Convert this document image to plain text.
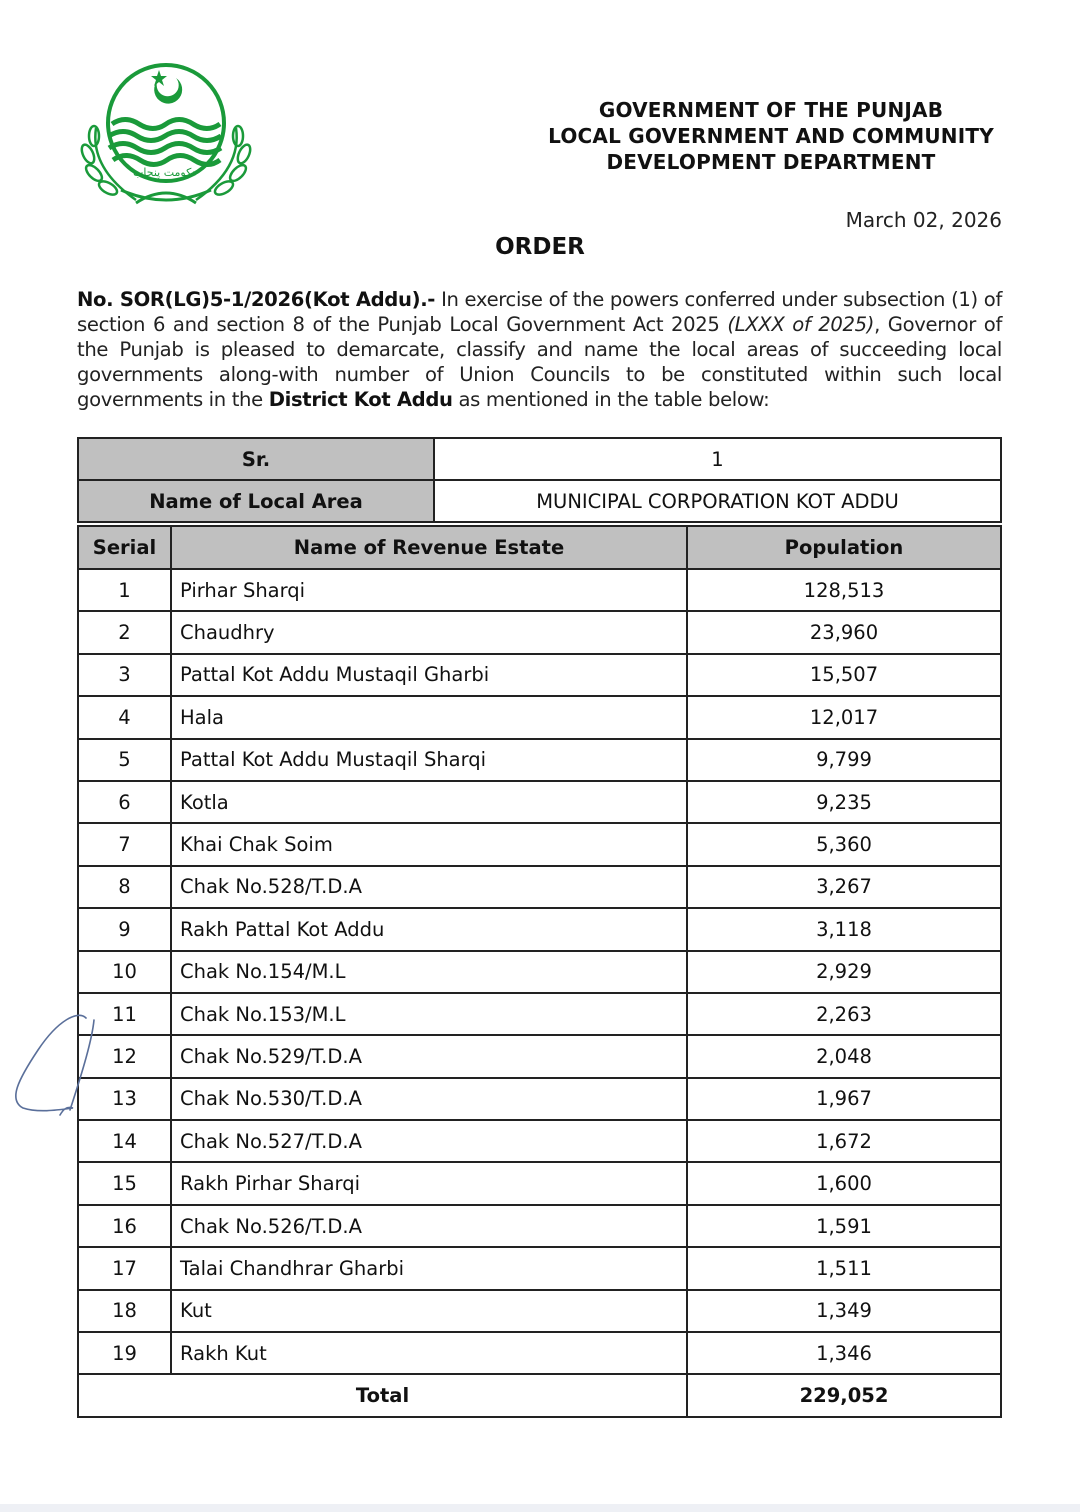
حکومت پنجاب
GOVERNMENT OF THE PUNJAB
LOCAL GOVERNMENT AND COMMUNITY
DEVELOPMENT DEPARTMENT
March 02, 2026
ORDER
No. SOR(LG)5-1/2026(Kot Addu).- In exercise of the powers conferred under subsection (1) of section 6 and section 8 of the Punjab Local Government Act 2025 (LXXX of 2025), Governor of the Punjab is pleased to demarcate, classify and name the local areas of succeeding local governments along-with number of Union Councils to be constituted within such local governments in the District Kot Addu as mentioned in the table below:
Sr.	1
Name of Local Area	MUNICIPAL CORPORATION KOT ADDU
Serial	Name of Revenue Estate	Population
1	Pirhar Sharqi	128,513
2	Chaudhry	23,960
3	Pattal Kot Addu Mustaqil Gharbi	15,507
4	Hala	12,017
5	Pattal Kot Addu Mustaqil Sharqi	9,799
6	Kotla	9,235
7	Khai Chak Soim	5,360
8	Chak No.528/T.D.A	3,267
9	Rakh Pattal Kot Addu	3,118
10	Chak No.154/M.L	2,929
11	Chak No.153/M.L	2,263
12	Chak No.529/T.D.A	2,048
13	Chak No.530/T.D.A	1,967
14	Chak No.527/T.D.A	1,672
15	Rakh Pirhar Sharqi	1,600
16	Chak No.526/T.D.A	1,591
17	Talai Chandhrar Gharbi	1,511
18	Kut	1,349
19	Rakh Kut	1,346
Total		229,052
